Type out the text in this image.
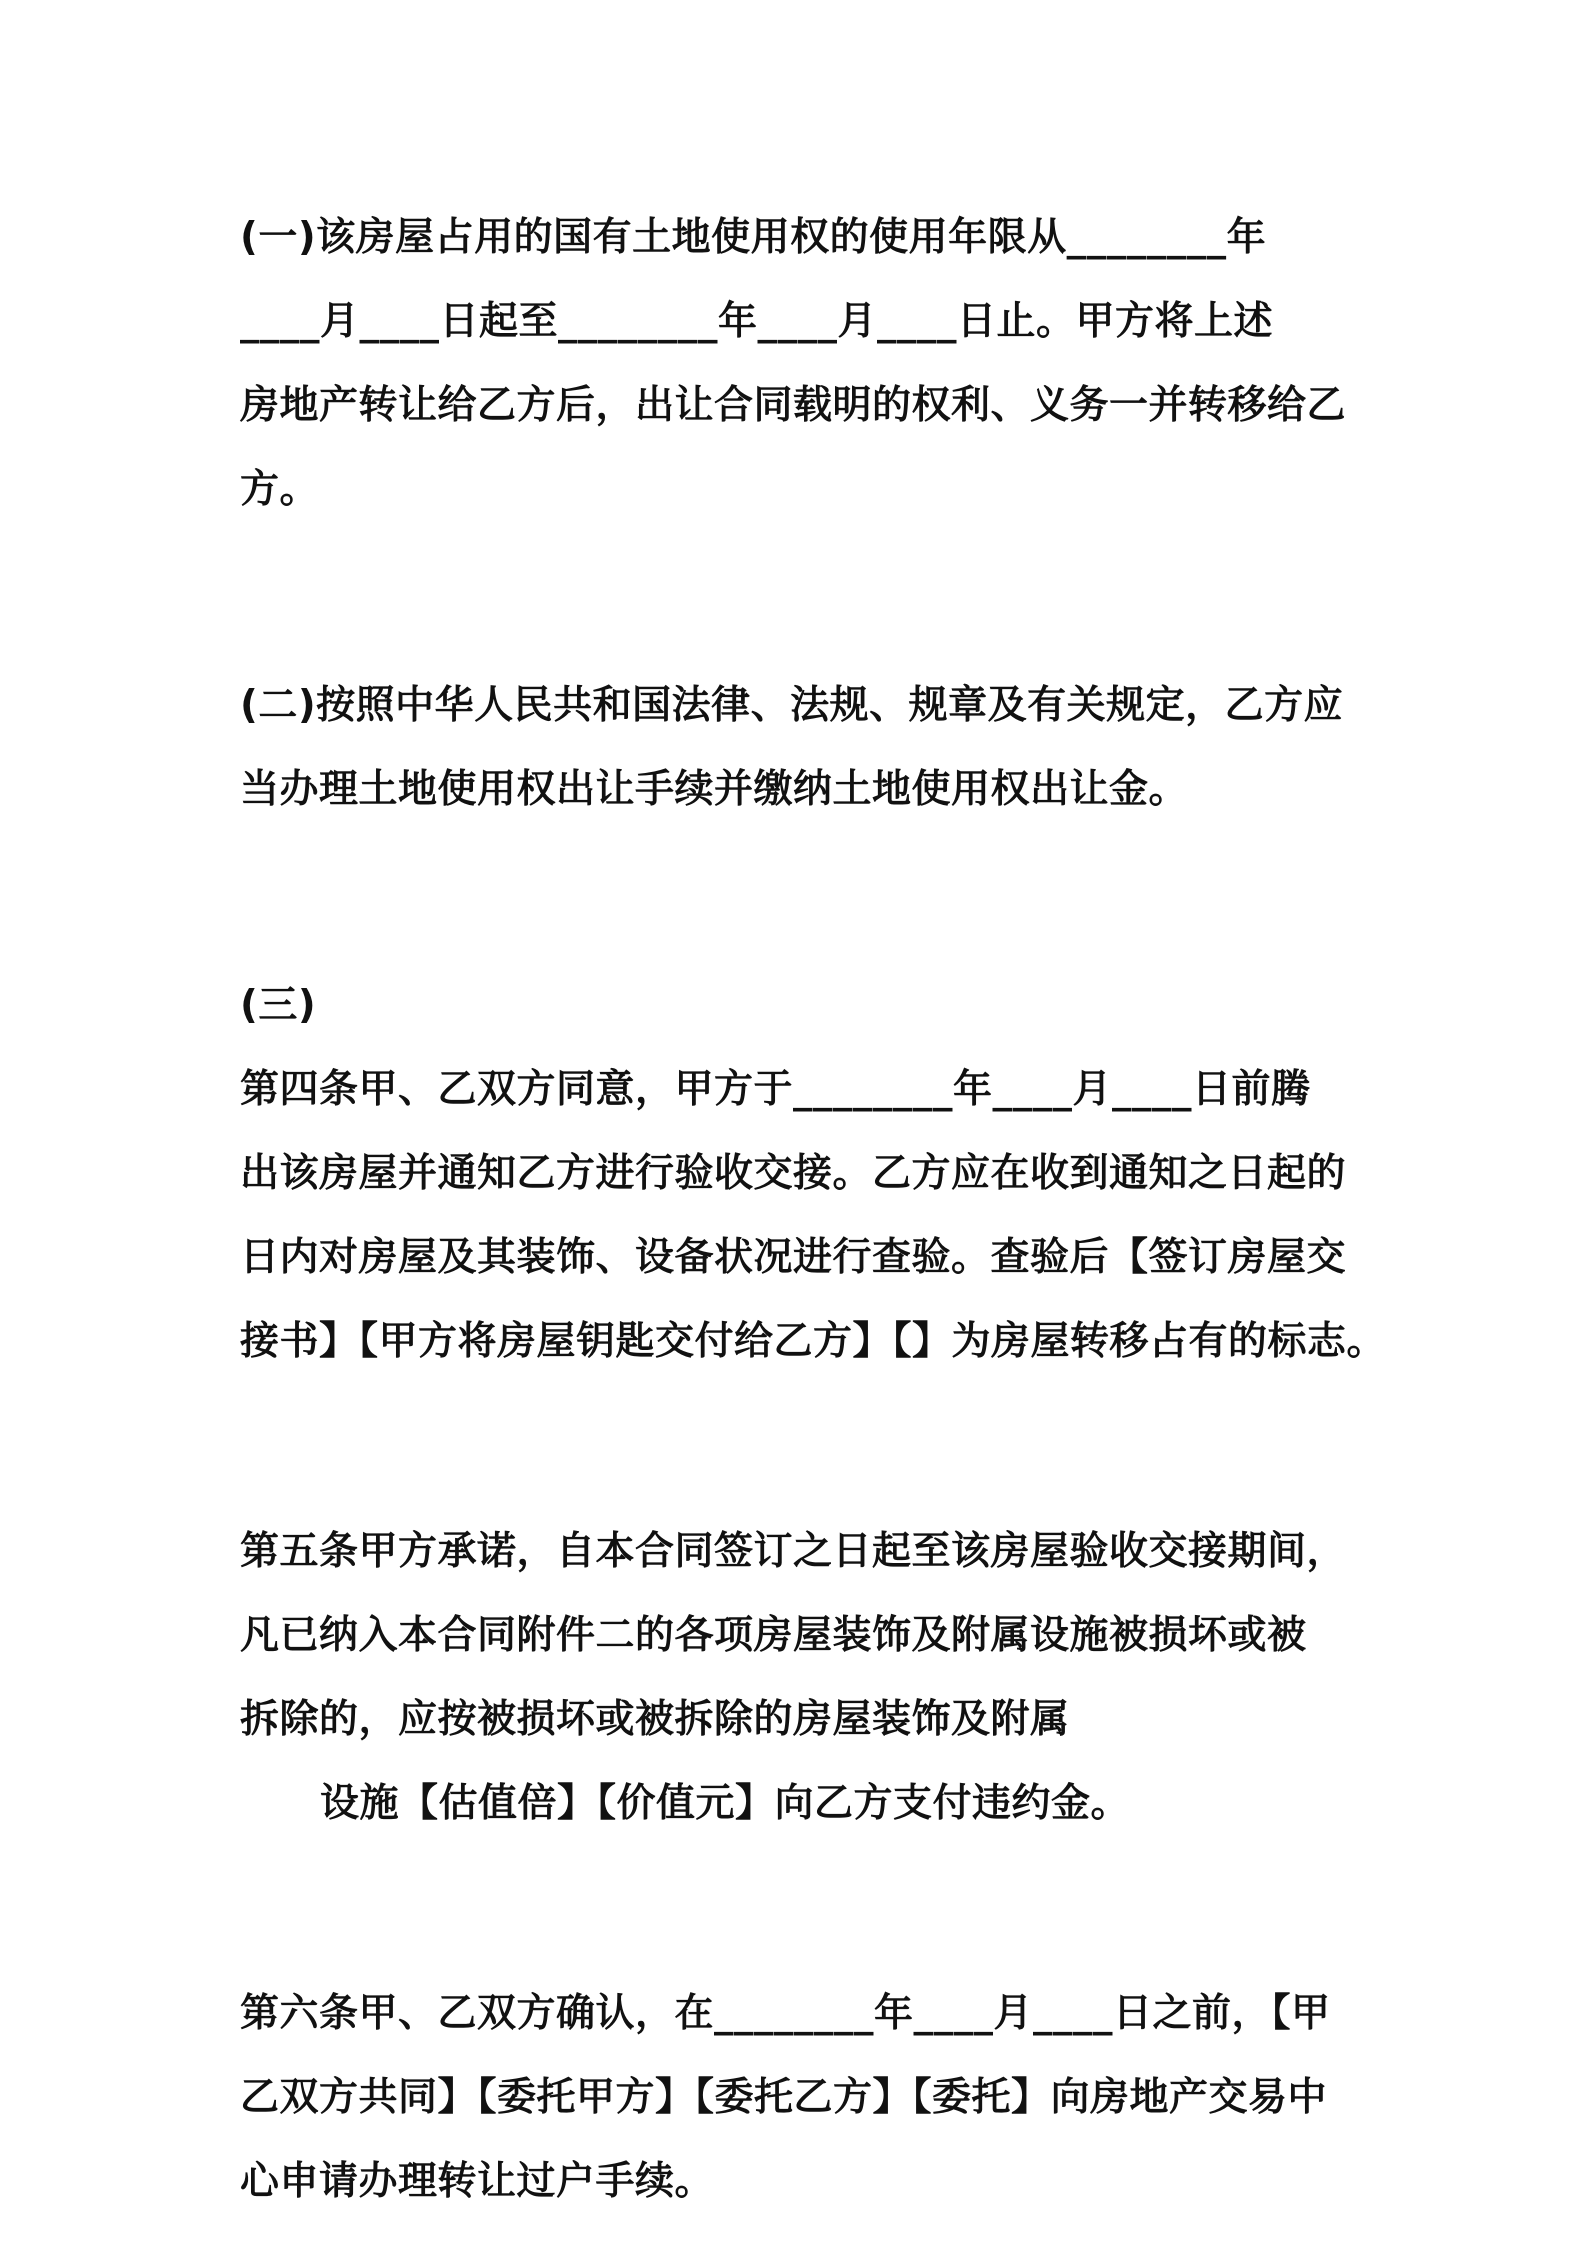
(一)该房屋占用的国有土地使用权的使用年限从________年
____月____日起至________年____月____日止。甲方将上述
房地产转让给乙方后，出让合同载明的权利、义务一并转移给乙
方。

(二)按照中华人民共和国法律、法规、规章及有关规定，乙方应
当办理土地使用权出让手续并缴纳土地使用权出让金。

(三)
第四条甲、乙双方同意，甲方于________年____月____日前腾
出该房屋并通知乙方进行验收交接。乙方应在收到通知之日起的
日内对房屋及其装饰、设备状况进行查验。查验后【签订房屋交
接书】【甲方将房屋钥匙交付给乙方】【】为房屋转移占有的标志。

第五条甲方承诺，自本合同签订之日起至该房屋验收交接期间，
凡已纳入本合同附件二的各项房屋装饰及附属设施被损坏或被
拆除的，应按被损坏或被拆除的房屋装饰及附属
设施【估值倍】【价值元】向乙方支付违约金。

第六条甲、乙双方确认，在________年____月____日之前，【甲
乙双方共同】【委托甲方】【委托乙方】【委托】向房地产交易中
心申请办理转让过户手续。
